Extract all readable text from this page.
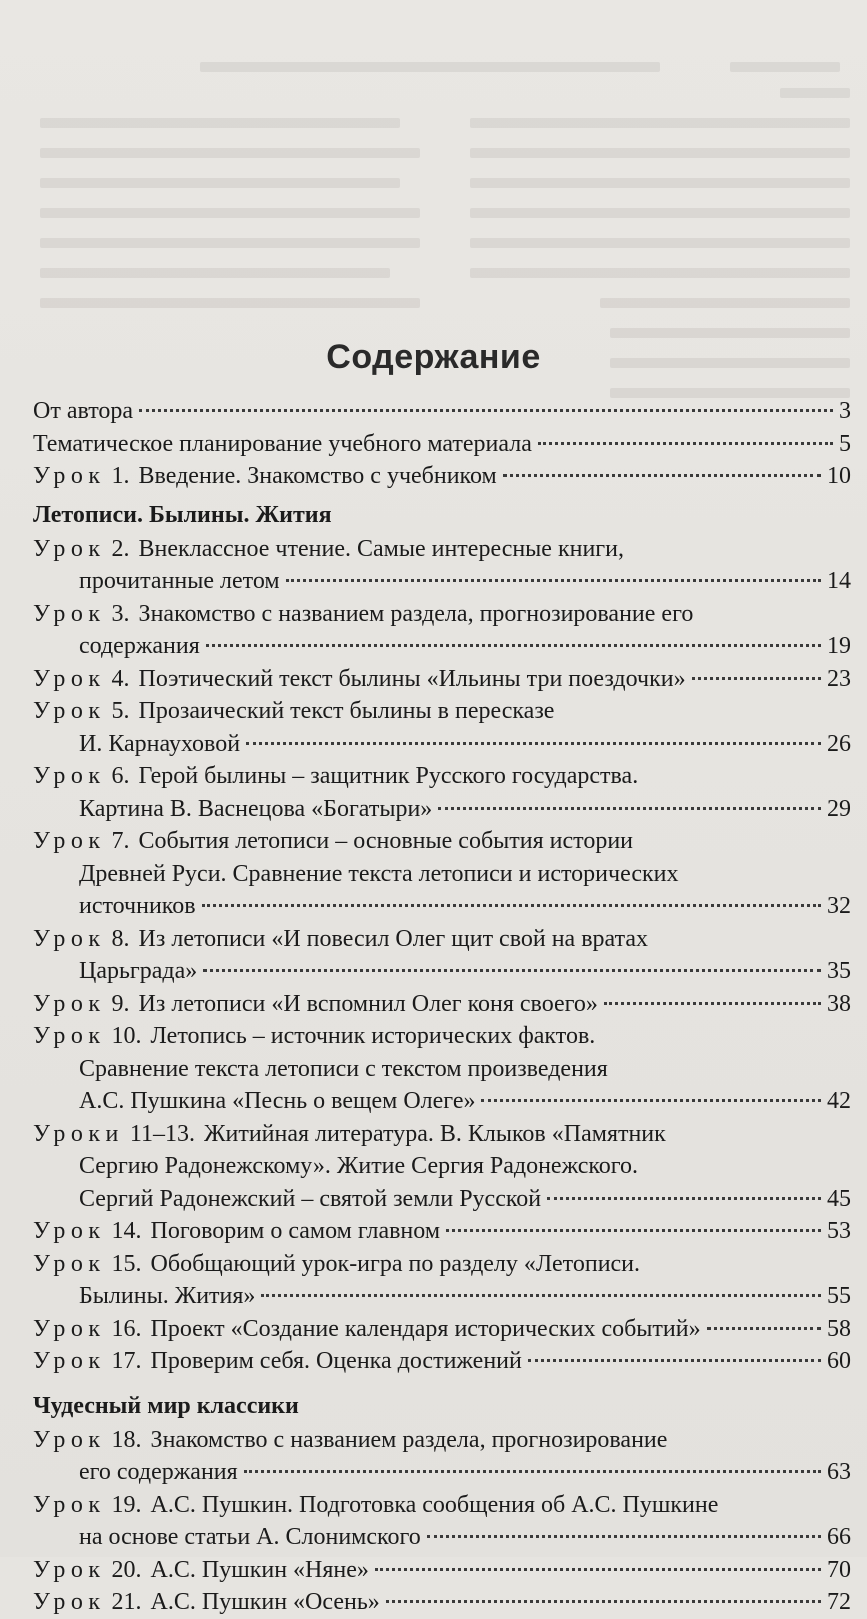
Содержание
От автора	3
Тематическое планирование учебного материала	5
Урок 1. Введение. Знакомство с учебником	10
Летописи. Былины. Жития
Урок 2. Внеклассное чтение. Самые интересные книги,
прочитанные летом	14
Урок 3. Знакомство с названием раздела, прогнозирование его
содержания	19
Урок 4. Поэтический текст былины «Ильины три поездочки»	23
Урок 5. Прозаический текст былины в пересказе
И. Карнауховой	26
Урок 6. Герой былины – защитник Русского государства.
Картина В. Васнецова «Богатыри»	29
Урок 7. События летописи – основные события истории
Древней Руси. Сравнение текста летописи и исторических
источников	32
Урок 8. Из летописи «И повесил Олег щит свой на вратах
Царьграда»	35
Урок 9. Из летописи «И вспомнил Олег коня своего»	38
Урок 10. Летопись – источник исторических фактов.
Сравнение текста летописи с текстом произведения
А.С. Пушкина «Песнь о вещем Олеге»	42
Уроки 11–13. Житийная литература. В. Клыков «Памятник
Сергию Радонежскому». Житие Сергия Радонежского.
Сергий Радонежский – святой земли Русской	45
Урок 14. Поговорим о самом главном	53
Урок 15. Обобщающий урок-игра по разделу «Летописи.
Былины. Жития»	55
Урок 16. Проект «Создание календаря исторических событий»	58
Урок 17. Проверим себя. Оценка достижений	60
Чудесный мир классики
Урок 18. Знакомство с названием раздела, прогнозирование
его содержания	63
Урок 19. А.С. Пушкин. Подготовка сообщения об А.С. Пушкине
на основе статьи А. Слонимского	66
Урок 20. А.С. Пушкин «Няне»	70
Урок 21. А.С. Пушкин «Осень»	72
